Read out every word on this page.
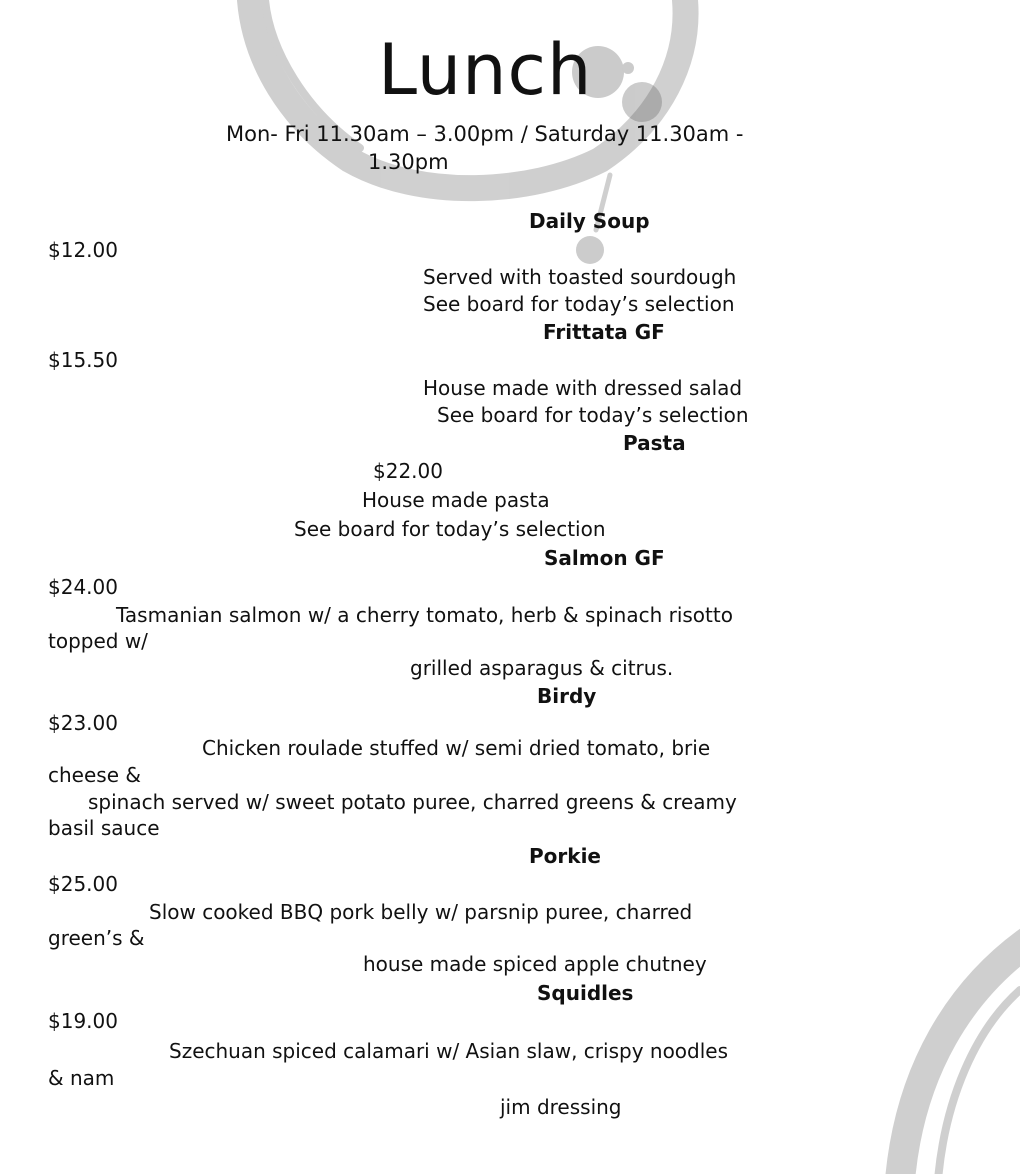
Lunch
Mon- Fri 11.30am – 3.00pm / Saturday 11.30am -
1.30pm
Daily Soup
$12.00
Served with toasted sourdough
See board for today’s selection
Frittata GF
$15.50
House made with dressed salad
See board for today’s selection
Pasta
$22.00
House made pasta
See board for today’s selection
Salmon GF
$24.00
Tasmanian salmon w/ a cherry tomato, herb & spinach risotto
topped w/
grilled asparagus & citrus.
Birdy
$23.00
Chicken roulade stuffed w/ semi dried tomato, brie
cheese &
spinach served w/ sweet potato puree, charred greens & creamy
basil sauce
Porkie
$25.00
Slow cooked BBQ pork belly w/ parsnip puree, charred
green’s &
house made spiced apple chutney
Squidles
$19.00
Szechuan spiced calamari w/ Asian slaw, crispy noodles
& nam
jim dressing
